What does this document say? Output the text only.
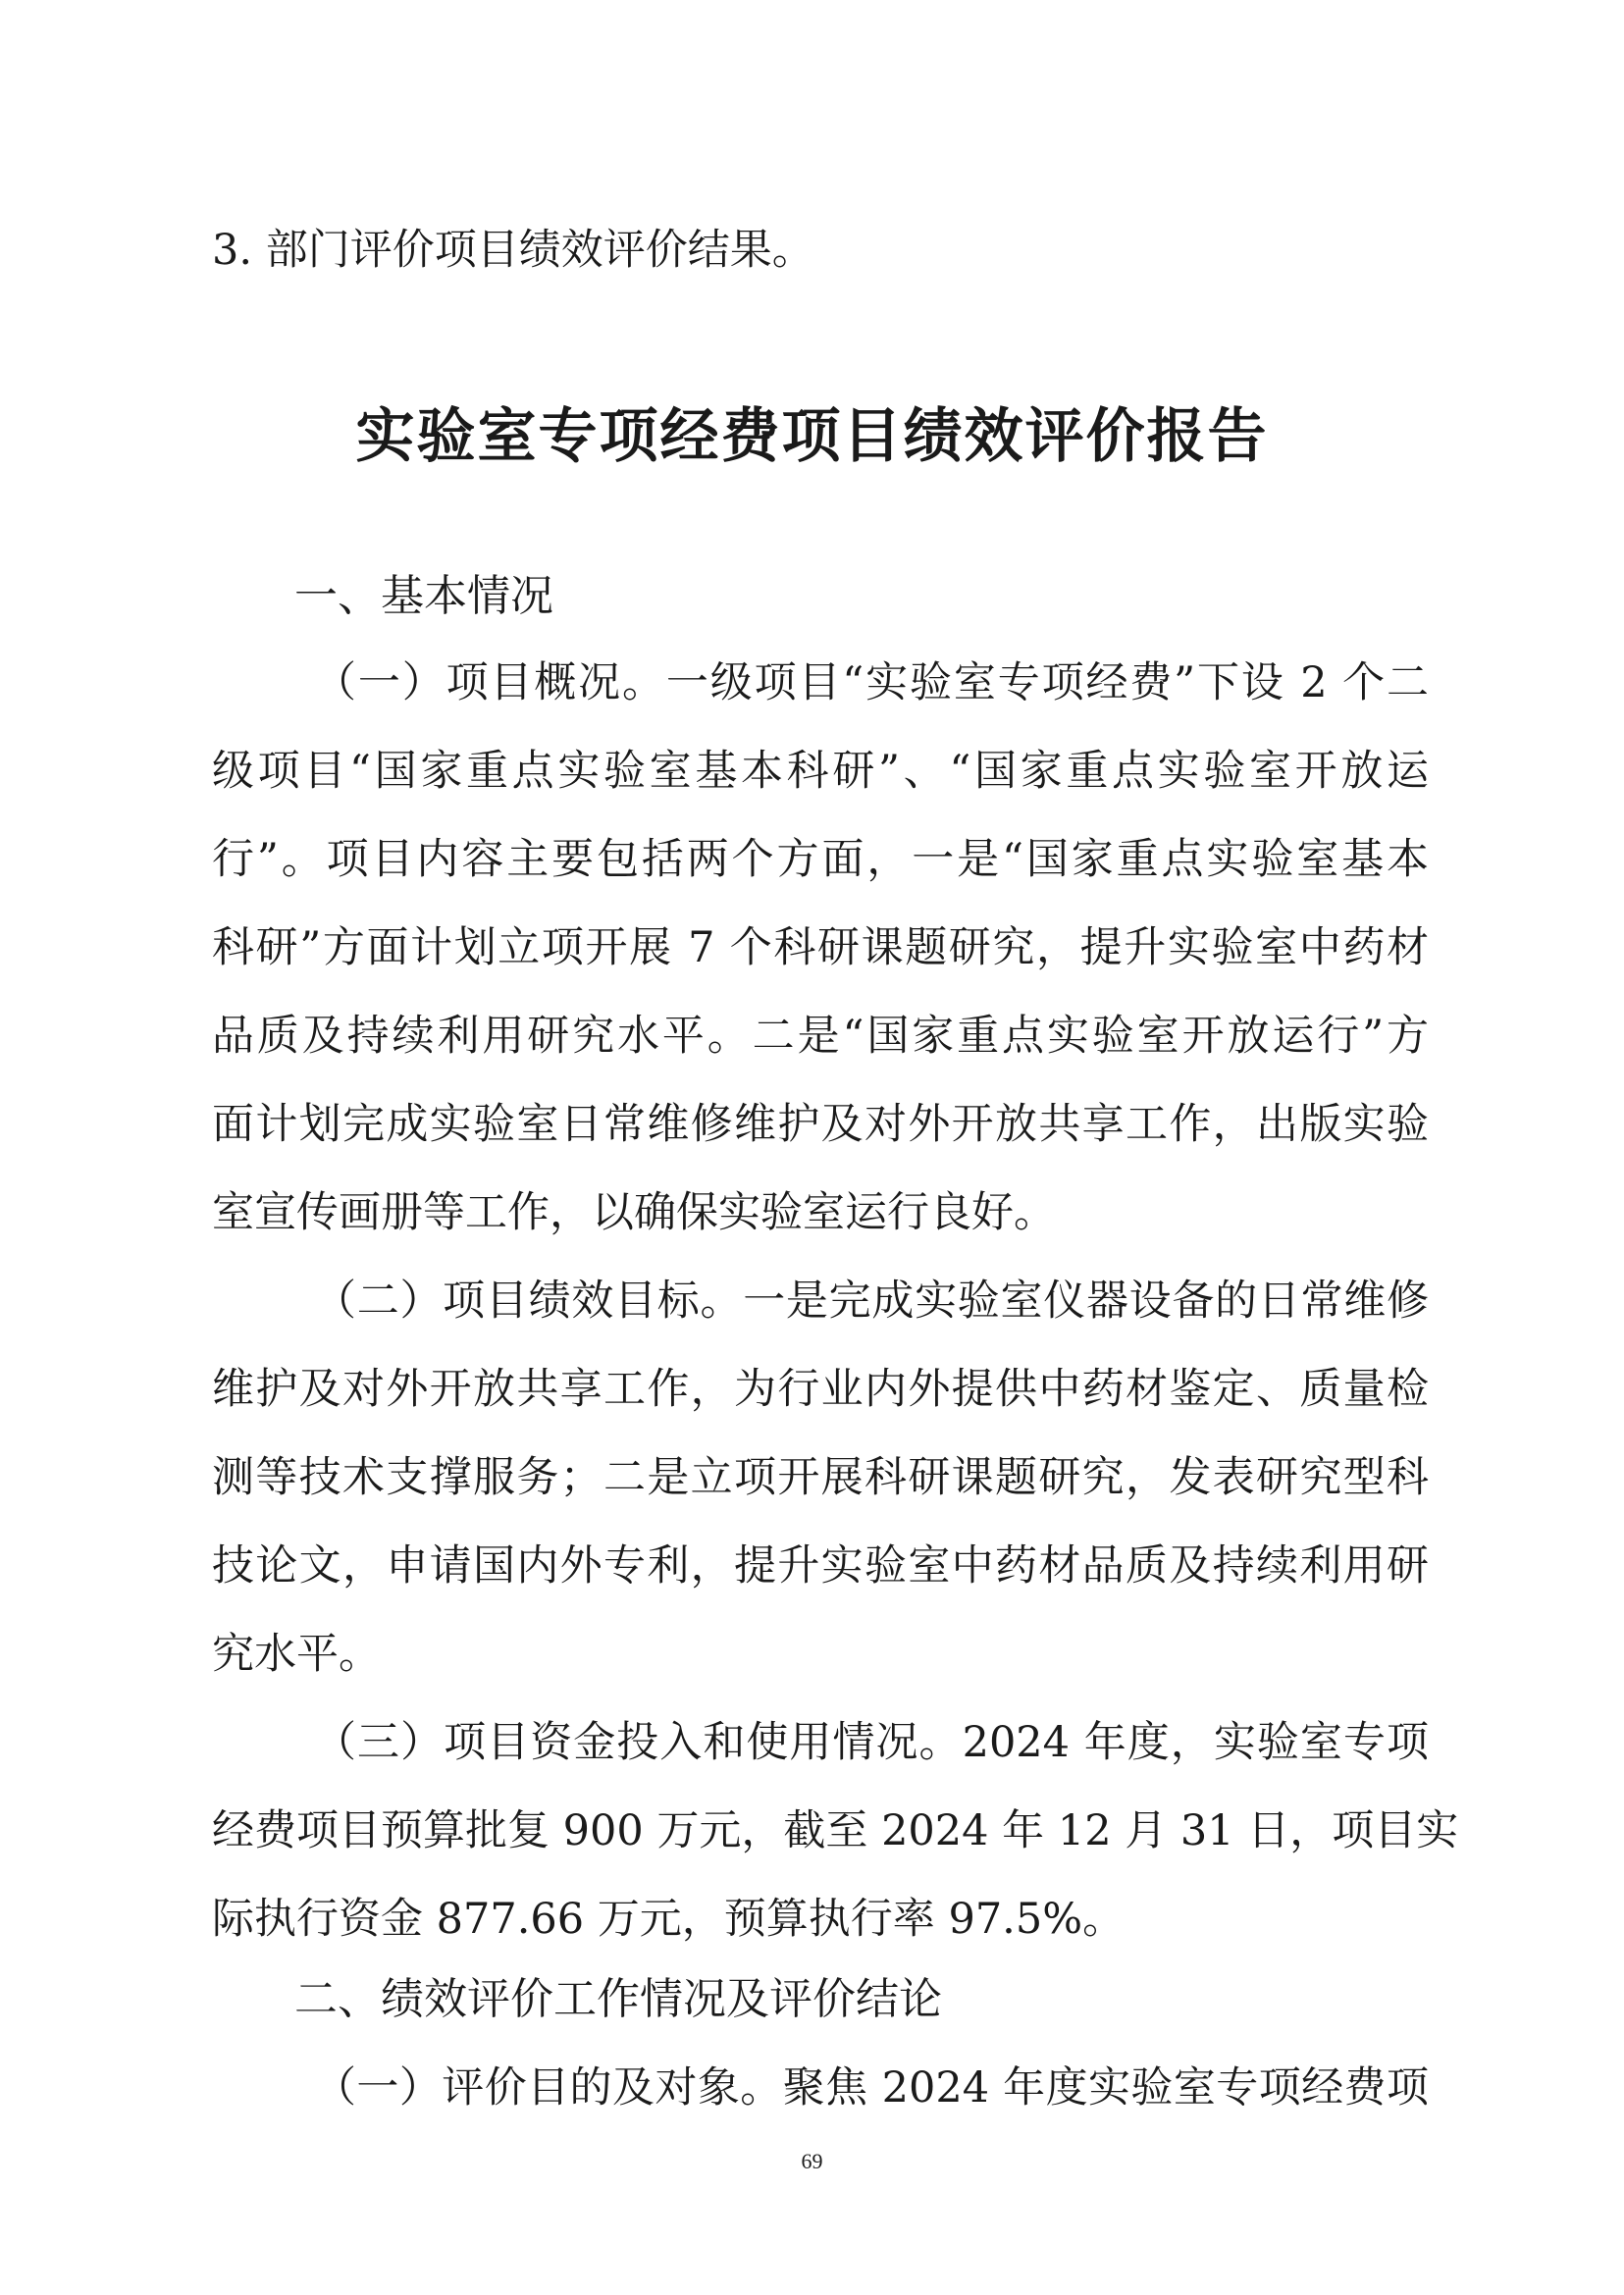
3. 部门评价项目绩效评价结果。
实验室专项经费项目绩效评价报告
一、基本情况
（一）项目概况。一级项目“实验室专项经费”下设 2 个二
级项目“国家重点实验室基本科研”、“国家重点实验室开放运
行”。项目内容主要包括两个方面，一是“国家重点实验室基本
科研”方面计划立项开展 7 个科研课题研究，提升实验室中药材
品质及持续利用研究水平。二是“国家重点实验室开放运行”方
面计划完成实验室日常维修维护及对外开放共享工作，出版实验
室宣传画册等工作，以确保实验室运行良好。
（二）项目绩效目标。一是完成实验室仪器设备的日常维修
维护及对外开放共享工作，为行业内外提供中药材鉴定、质量检
测等技术支撑服务；二是立项开展科研课题研究，发表研究型科
技论文，申请国内外专利，提升实验室中药材品质及持续利用研
究水平。
（三）项目资金投入和使用情况。2024 年度，实验室专项
经费项目预算批复 900 万元，截至 2024 年 12 月 31 日，项目实
际执行资金 877.66 万元，预算执行率 97.5%。
二、绩效评价工作情况及评价结论
（一）评价目的及对象。聚焦 2024 年度实验室专项经费项
69
